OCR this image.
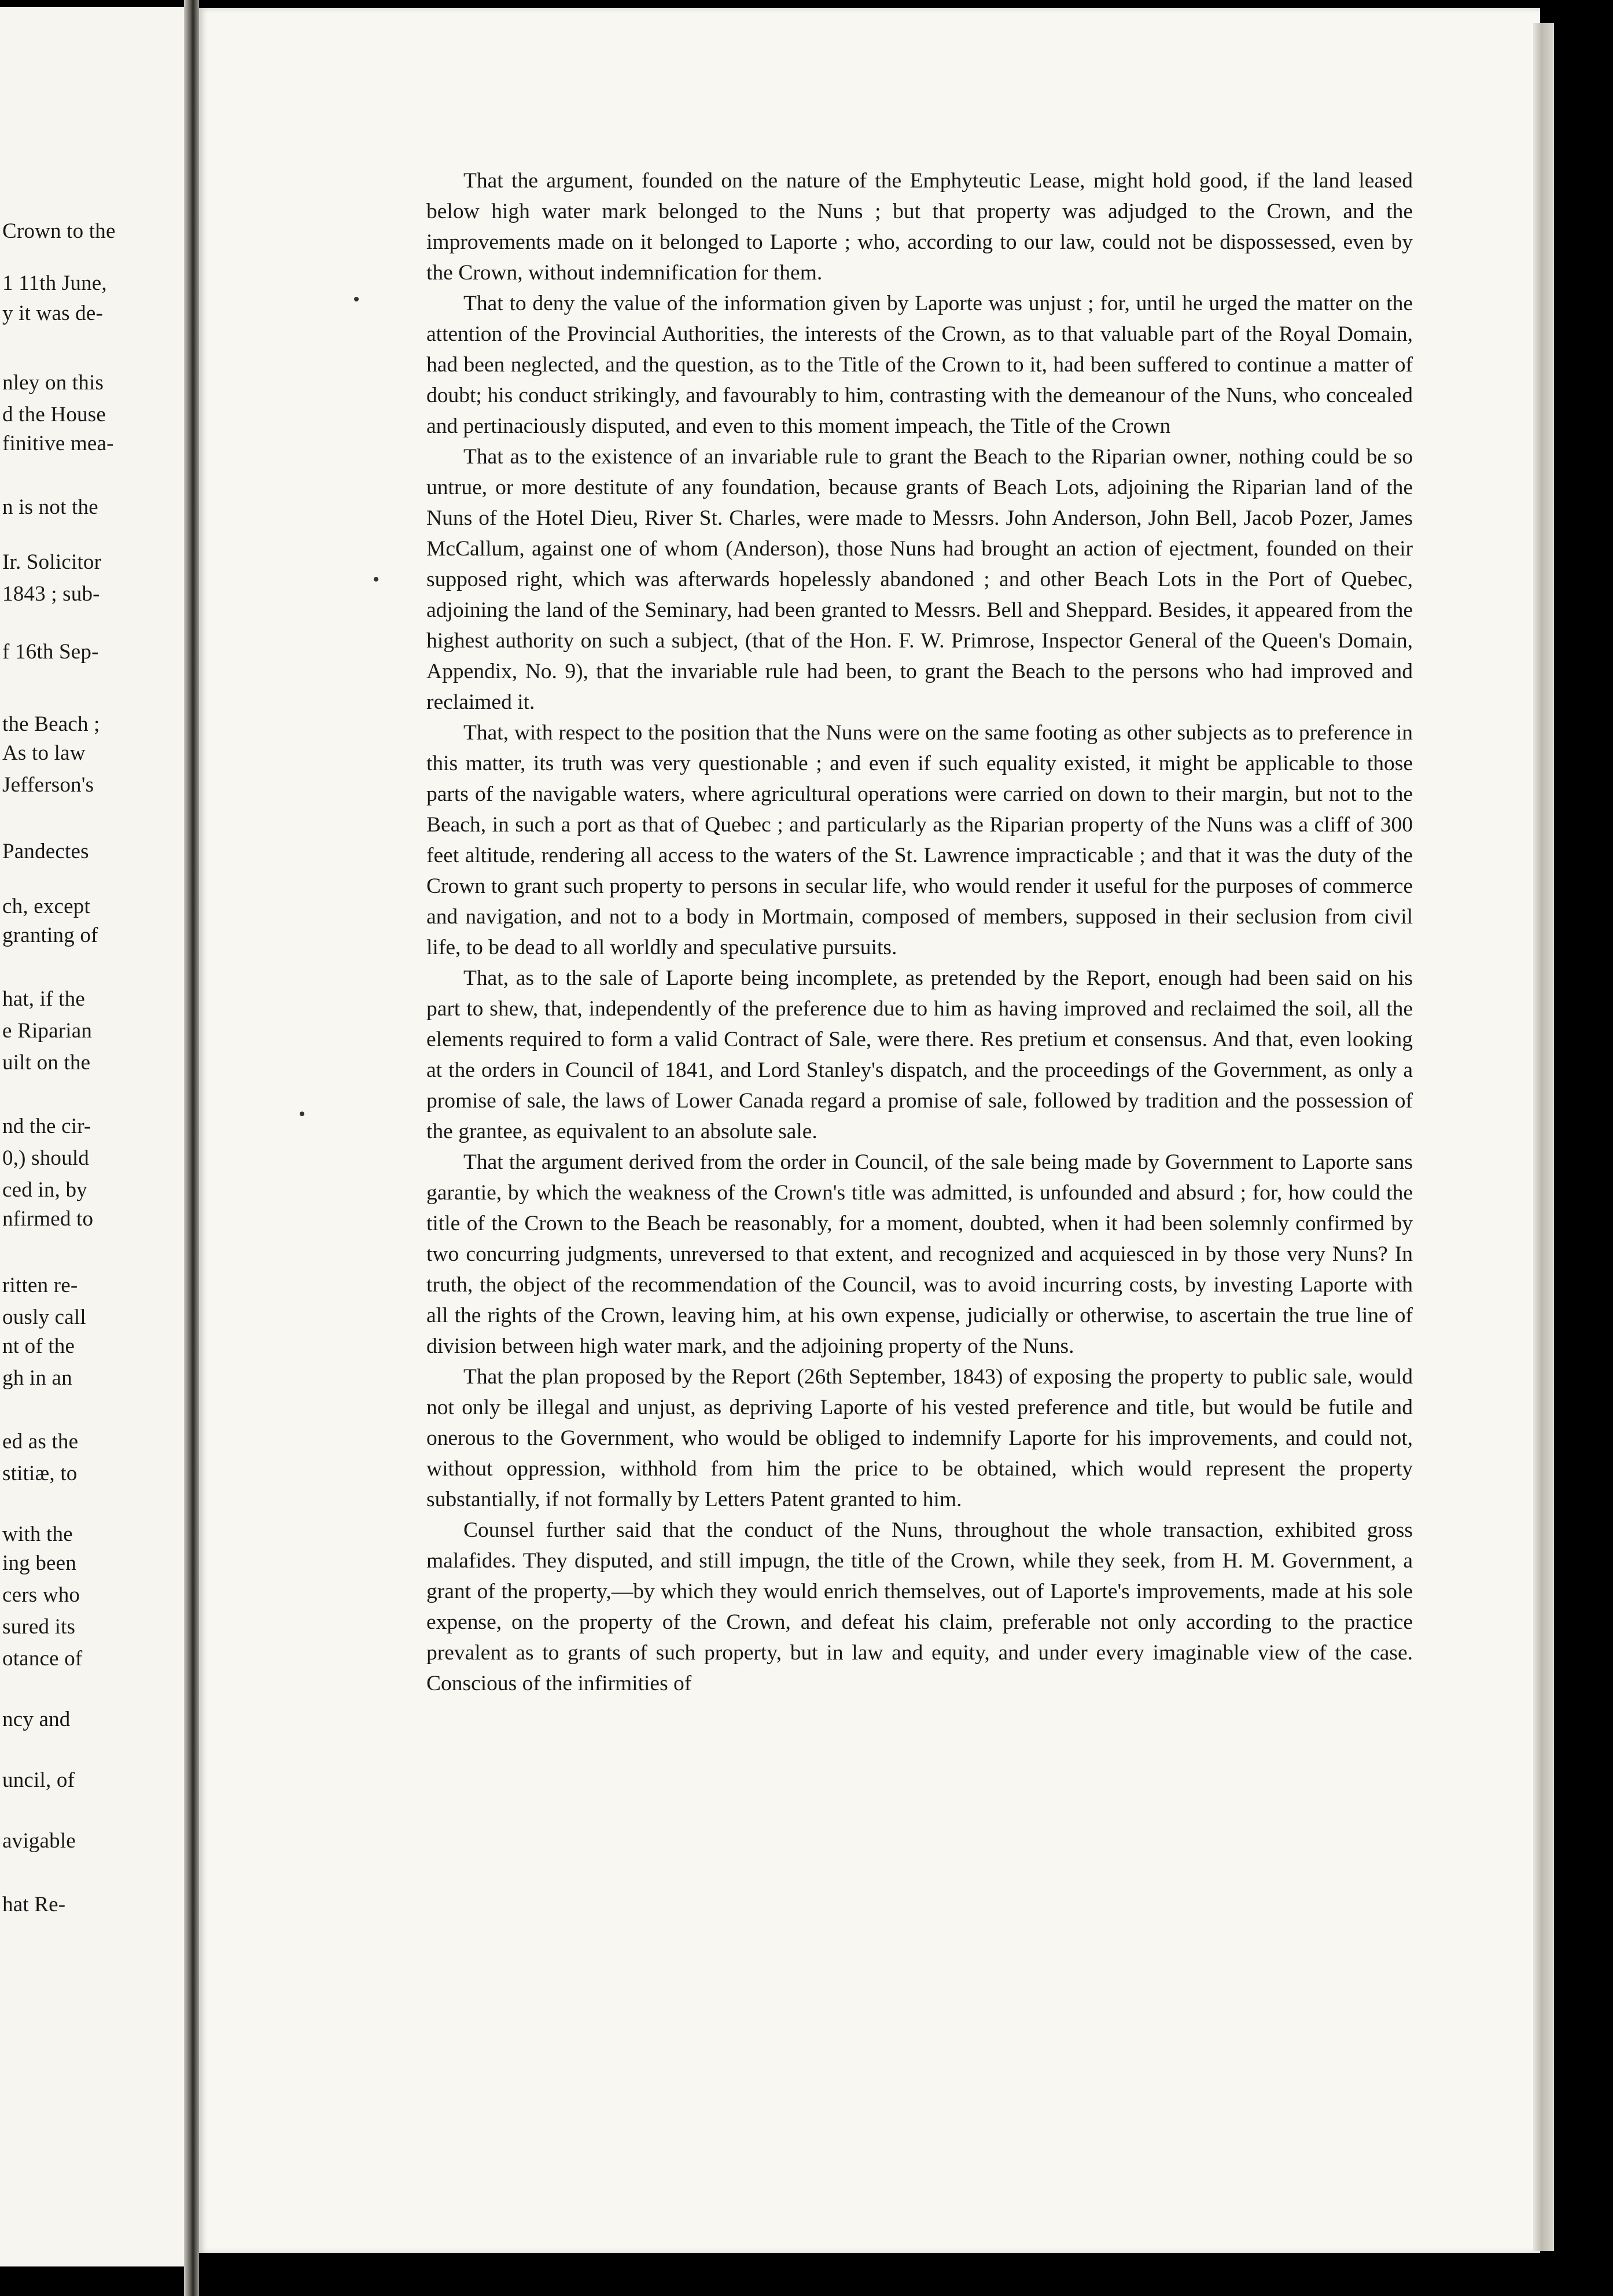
Crown to the
1 11th June,
y it was de-
nley on this
d the House
finitive mea-
n is not the
Ir. Solicitor
1843 ; sub-
f 16th Sep-
the Beach ;
As to law
Jefferson's
Pandectes
ch, except
granting of
hat, if the
e Riparian
uilt on the
nd the cir-
0,) should
ced in, by
nfirmed to
ritten re-
ously call
nt of the
gh in an
ed as the
stitiæ, to
with the
ing been
cers who
sured its
otance of
ncy and
uncil, of
avigable
hat Re-

That the argument, founded on the nature of the Emphyteutic Lease, might hold good, if the land leased below high water mark belonged to the Nuns ; but that property was adjudged to the Crown, and the improvements made on it belonged to Laporte ; who, according to our law, could not be dispossessed, even by the Crown, without indemnification for them.

That to deny the value of the information given by Laporte was unjust ; for, until he urged the matter on the attention of the Provincial Authorities, the interests of the Crown, as to that valuable part of the Royal Domain, had been neglected, and the question, as to the Title of the Crown to it, had been suffered to continue a matter of doubt; his conduct strikingly, and favourably to him, contrasting with the demeanour of the Nuns, who concealed and pertinaciously disputed, and even to this moment impeach, the Title of the Crown

That as to the existence of an invariable rule to grant the Beach to the Riparian owner, nothing could be so untrue, or more destitute of any foundation, because grants of Beach Lots, adjoining the Riparian land of the Nuns of the Hotel Dieu, River St. Charles, were made to Messrs. John Anderson, John Bell, Jacob Pozer, James McCallum, against one of whom (Anderson), those Nuns had brought an action of ejectment, founded on their supposed right, which was afterwards hopelessly abandoned ; and other Beach Lots in the Port of Quebec, adjoining the land of the Seminary, had been granted to Messrs. Bell and Sheppard. Besides, it appeared from the highest authority on such a subject, (that of the Hon. F. W. Primrose, Inspector General of the Queen's Domain, Appendix, No. 9), that the invariable rule had been, to grant the Beach to the persons who had improved and reclaimed it.

That, with respect to the position that the Nuns were on the same footing as other subjects as to preference in this matter, its truth was very questionable ; and even if such equality existed, it might be applicable to those parts of the navigable waters, where agricultural operations were carried on down to their margin, but not to the Beach, in such a port as that of Quebec ; and particularly as the Riparian property of the Nuns was a cliff of 300 feet altitude, rendering all access to the waters of the St. Lawrence impracticable ; and that it was the duty of the Crown to grant such property to persons in secular life, who would render it useful for the purposes of commerce and navigation, and not to a body in Mortmain, composed of members, supposed in their seclusion from civil life, to be dead to all worldly and speculative pursuits.

That, as to the sale of Laporte being incomplete, as pretended by the Report, enough had been said on his part to shew, that, independently of the preference due to him as having improved and reclaimed the soil, all the elements required to form a valid Contract of Sale, were there. Res pretium et consensus. And that, even looking at the orders in Council of 1841, and Lord Stanley's dispatch, and the proceedings of the Government, as only a promise of sale, the laws of Lower Canada regard a promise of sale, followed by tradition and the possession of the grantee, as equivalent to an absolute sale.

That the argument derived from the order in Council, of the sale being made by Government to Laporte sans garantie, by which the weakness of the Crown's title was admitted, is unfounded and absurd ; for, how could the title of the Crown to the Beach be reasonably, for a moment, doubted, when it had been solemnly confirmed by two concurring judgments, unreversed to that extent, and recognized and acquiesced in by those very Nuns? In truth, the object of the recommendation of the Council, was to avoid incurring costs, by investing Laporte with all the rights of the Crown, leaving him, at his own expense, judicially or otherwise, to ascertain the true line of division between high water mark, and the adjoining property of the Nuns.

That the plan proposed by the Report (26th September, 1843) of exposing the property to public sale, would not only be illegal and unjust, as depriving Laporte of his vested preference and title, but would be futile and onerous to the Government, who would be obliged to indemnify Laporte for his improvements, and could not, without oppression, withhold from him the price to be obtained, which would represent the property substantially, if not formally by Letters Patent granted to him.

Counsel further said that the conduct of the Nuns, throughout the whole transaction, exhibited gross malafides. They disputed, and still impugn, the title of the Crown, while they seek, from H. M. Government, a grant of the property,—by which they would enrich themselves, out of Laporte's improvements, made at his sole expense, on the property of the Crown, and defeat his claim, preferable not only according to the practice prevalent as to grants of such property, but in law and equity, and under every imaginable view of the case. Conscious of the infirmities of
